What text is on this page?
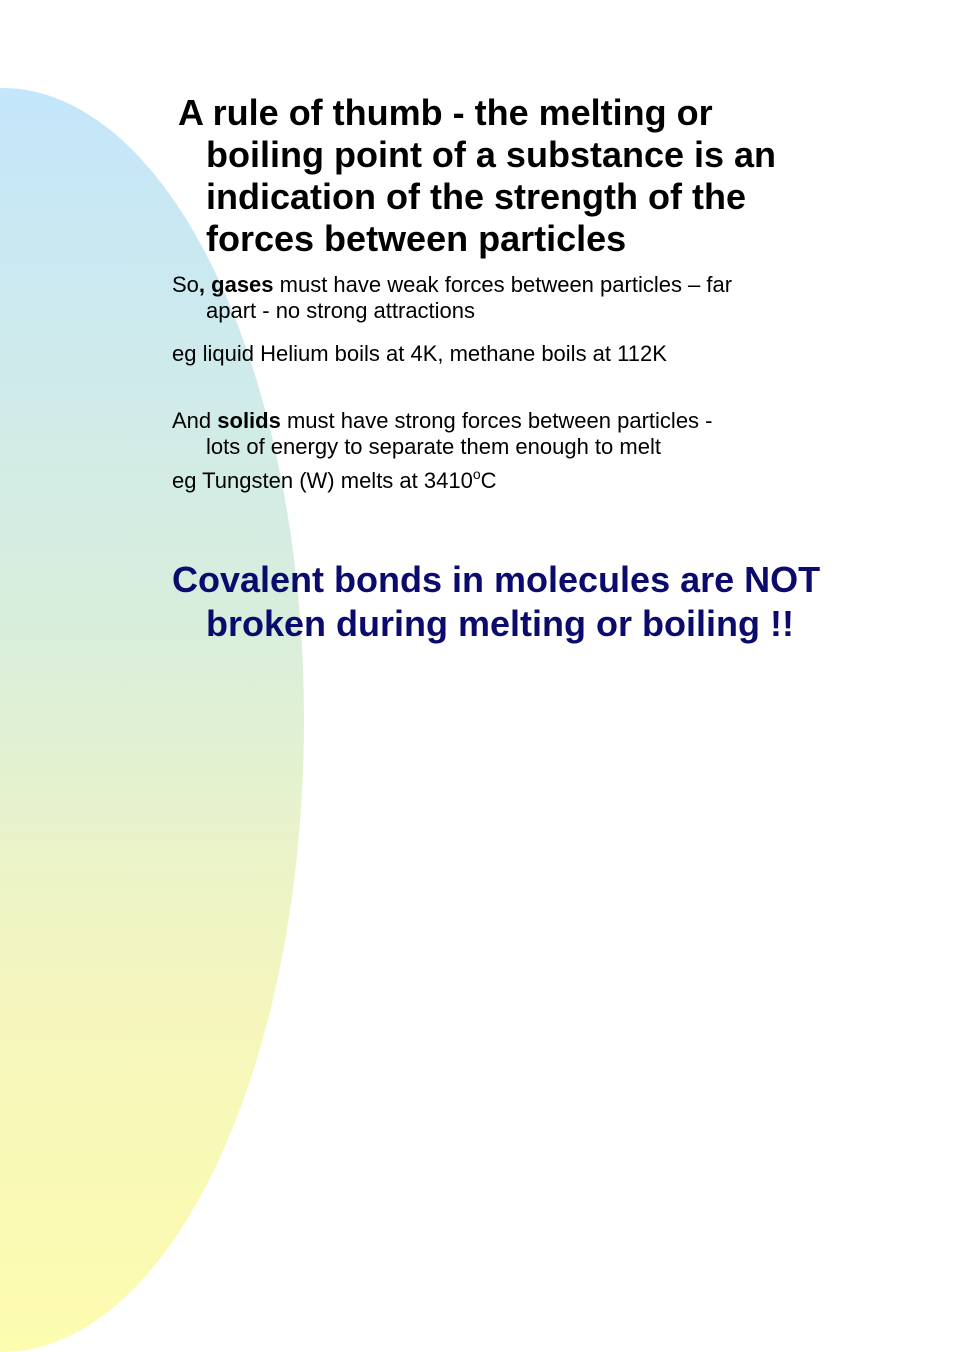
A rule of thumb - the melting or
boiling point of a substance is an
indication of the strength of the
forces between particles
So, gases must have weak forces between particles – far
apart - no strong attractions
eg liquid Helium boils at 4K, methane boils at 112K
And solids must have strong forces between particles -
lots of energy to separate them enough to melt
eg Tungsten (W) melts at 3410$^o$C
Covalent bonds in molecules are NOT
broken during melting or boiling !!
